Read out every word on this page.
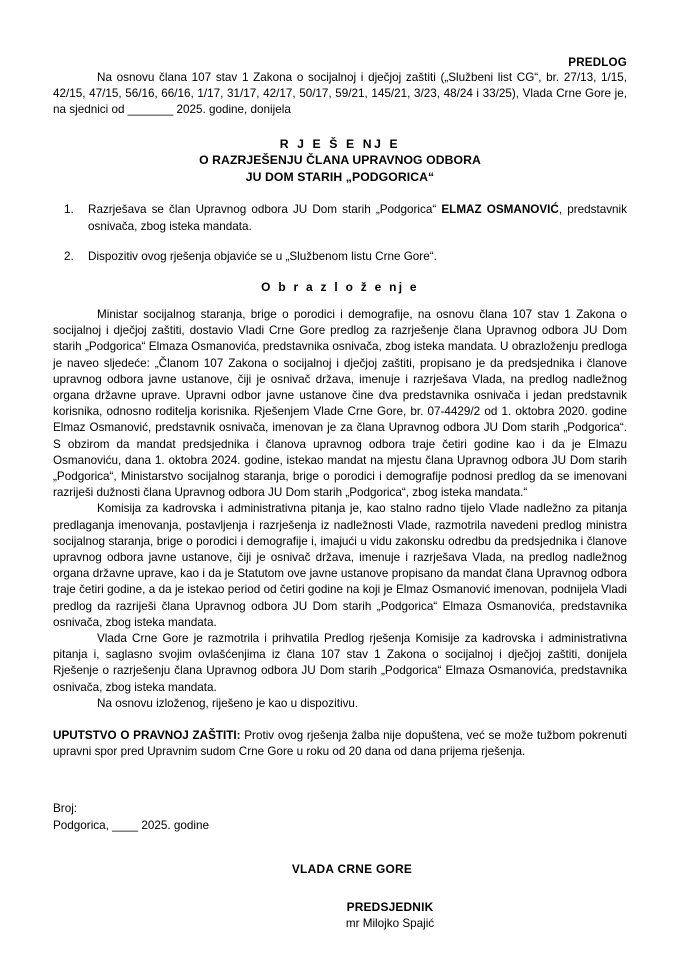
PREDLOG

Na osnovu člana 107 stav 1 Zakona o socijalnoj i dječjoj zaštiti („Službeni list CG“, br. 27/13, 1/15, 42/15, 47/15, 56/16, 66/16, 1/17, 31/17, 42/17, 50/17, 59/21, 145/21, 3/23, 48/24 i 33/25), Vlada Crne Gore je, na sjednici od _______ 2025. godine, donijela

R J E Š E NJ E
O RAZRJEŠENJU ČLANA UPRAVNOG ODBORA
JU DOM STARIH „PODGORICA“
1.	Razrješava se član Upravnog odbora JU Dom starih „Podgorica“ ELMAZ OSMANOVIĆ, predstavnik osnivača, zbog isteka mandata.
2.	Dispozitiv ovog rješenja objaviće se u „Službenom listu Crne Gore“.
O b r a z l o ž e nj e

Ministar socijalnog staranja, brige o porodici i demografije, na osnovu člana 107 stav 1 Zakona o socijalnoj i dječjoj zaštiti, dostavio Vladi Crne Gore predlog za razrješenje člana Upravnog odbora JU Dom starih „Podgorica“ Elmaza Osmanovića, predstavnika osnivača, zbog isteka mandata. U obrazloženju predloga je naveo sljedeće: „Članom 107 Zakona o socijalnoj i dječjoj zaštiti, propisano je da predsjednika i članove upravnog odbora javne ustanove, čiji je osnivač država, imenuje i razrješava Vlada, na predlog nadležnog organa državne uprave. Upravni odbor javne ustanove čine dva predstavnika osnivača i jedan predstavnik korisnika, odnosno roditelja korisnika. Rješenjem Vlade Crne Gore, br. 07-4429/2 od 1. oktobra 2020. godine Elmaz Osmanović, predstavnik osnivača, imenovan je za člana Upravnog odbora JU Dom starih „Podgorica“. S obzirom da mandat predsjednika i članova upravnog odbora traje četiri godine kao i da je Elmazu Osmanoviću, dana 1. oktobra 2024. godine, istekao mandat na mjestu člana Upravnog odbora JU Dom starih „Podgorica“, Ministarstvo socijalnog staranja, brige o porodici i demografije podnosi predlog da se imenovani razriješi dužnosti člana Upravnog odbora JU Dom starih „Podgorica“, zbog isteka mandata.“

Komisija za kadrovska i administrativna pitanja je, kao stalno radno tijelo Vlade nadležno za pitanja predlaganja imenovanja, postavljenja i razrješenja iz nadležnosti Vlade, razmotrila navedeni predlog ministra socijalnog staranja, brige o porodici i demografije i, imajući u vidu zakonsku odredbu da predsjednika i članove upravnog odbora javne ustanove, čiji je osnivač država, imenuje i razrješava Vlada, na predlog nadležnog organa državne uprave, kao i da je Statutom ove javne ustanove propisano da mandat člana Upravnog odbora traje četiri godine, a da je istekao period od četiri godine na koji je Elmaz Osmanović imenovan, podnijela Vladi predlog da razriješi člana Upravnog odbora JU Dom starih „Podgorica“ Elmaza Osmanovića, predstavnika osnivača, zbog isteka mandata.

Vlada Crne Gore je razmotrila i prihvatila Predlog rješenja Komisije za kadrovska i administrativna pitanja i, saglasno svojim ovlašćenjima iz člana 107 stav 1 Zakona o socijalnoj i dječjoj zaštiti, donijela Rješenje o razrješenju člana Upravnog odbora JU Dom starih „Podgorica“ Elmaza Osmanovića, predstavnika osnivača, zbog isteka mandata.

Na osnovu izloženog, riješeno je kao u dispozitivu.

UPUTSTVO O PRAVNOJ ZAŠTITI: Protiv ovog rješenja žalba nije dopuštena, već se može tužbom pokrenuti upravni spor pred Upravnim sudom Crne Gore u roku od 20 dana od dana prijema rješenja.

Broj:
Podgorica, ____ 2025. godine
VLADA CRNE GORE
PREDSJEDNIK
mr Milojko Spajić
